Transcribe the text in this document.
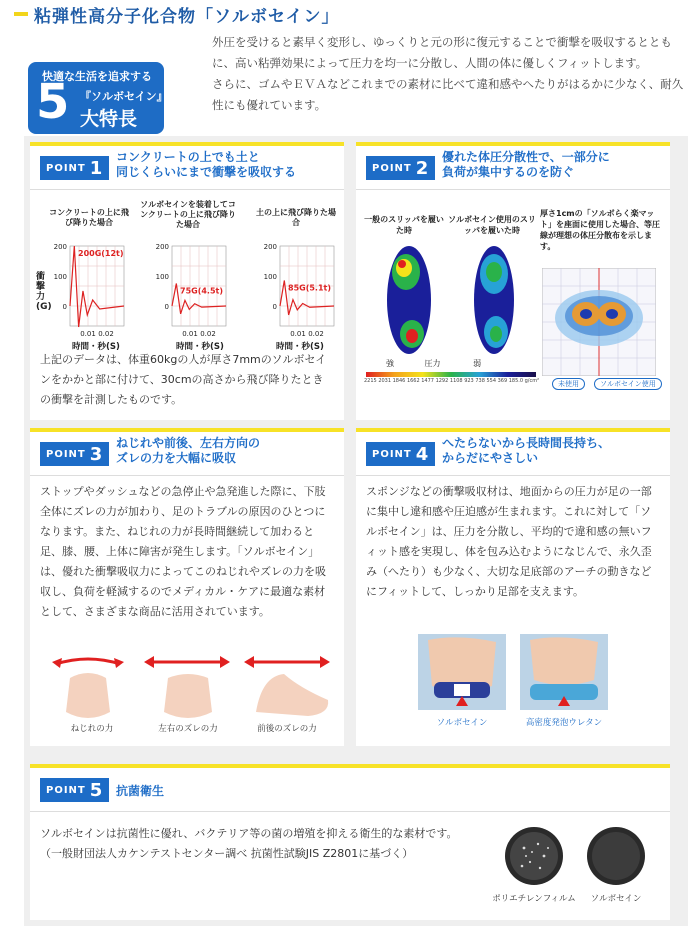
粘弾性高分子化合物「ソルボセイン」
快適な生活を追求する
5 『ソルボセイン』
大特長

外圧を受けると素早く変形し、ゆっくりと元の形に復元することで衝撃を吸収するとともに、高い粘弾効果によって圧力を均一に分散し、人間の体に優しくフィットします。

さらに、ゴムやＥＶＡなどこれまでの素材に比べて違和感やへたりがはるかに少なく、耐久性にも優れています。

POINT 1
コンクリートの上でも土と
同じくらいにまで衝撃を吸収する
コンクリートの上に飛び降りた場合
ソルボセインを装着してコンクリートの上に飛び降りた場合
土の上に飛び降りた場合
衝撃力(G)
200G(12t)
200
100
0
0.01 0.02
75G(4.5t)
200
100
0
0.01 0.02
85G(5.1t)
200
100
0
0.01 0.02
時間・秒(S)	時間・秒(S)	時間・秒(S)
上記のデータは、体重60kgの人が厚さ7mmのソルボセインをかかと部に付けて、30cmの高さから飛び降りたときの衝撃を計測したものです。
POINT 2
優れた体圧分散性で、一部分に
負荷が集中するのを防ぐ
一般のスリッパを履いた時
ソルボセイン使用のスリッパを履いた時
厚さ1cmの「ソルボらく楽マット」を座面に使用した場合、等圧線が理想の体圧分散布を示します。
強	圧力	弱
2215 2031 1846 1662 1477 1292 1108 923 738 554 369 185.0 g/cm²	未使用	ソルボセイン使用
POINT 3
ねじれや前後、左右方向の
ズレの力を大幅に吸収
ストップやダッシュなどの急停止や急発進した際に、下肢全体にズレの力が加わり、足のトラブルの原因のひとつになります。また、ねじれの力が長時間継続して加わると足、膝、腰、上体に障害が発生します。「ソルボセイン」は、優れた衝撃吸収力によってこのねじれやズレの力を吸収し、負荷を軽減するのでメディカル・ケアに最適な素材として、さまざまな商品に活用されています。
ねじれの力	左右のズレの力	前後のズレの力
POINT 4
へたらないから長時間長持ち、
からだにやさしい
スポンジなどの衝撃吸収材は、地面からの圧力が足の一部に集中し違和感や圧迫感が生まれます。これに対して「ソルボセイン」は、圧力を分散し、平均的で違和感の無いフィット感を実現し、体を包み込むようになじんで、永久歪み（へたり）も少なく、大切な足底部のアーチの動きなどにフィットして、しっかり足部を支えます。
ソルボセイン	高密度発泡ウレタン
POINT 5 抗菌衛生
ソルボセインは抗菌性に優れ、バクテリア等の菌の増殖を抑える衛生的な素材です。
（一般財団法人カケンテストセンター調べ 抗菌性試験JIS Z2801に基づく）
ポリエチレンフィルム	ソルボセイン
